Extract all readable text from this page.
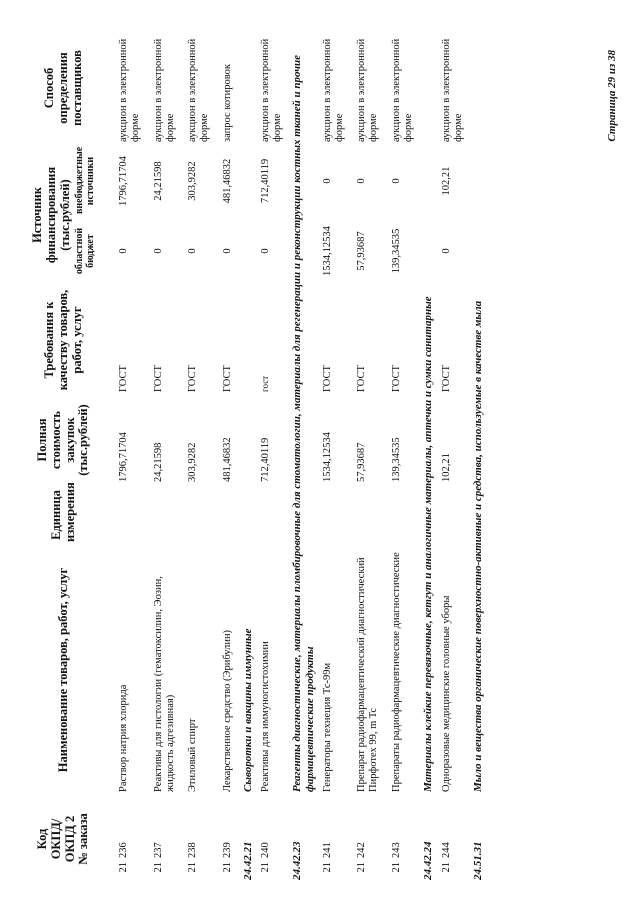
Код ОКПД/ ОКПД 2 № заказа	Наименование товаров, работ, услуг	Единица измерения	Полная стоимость закупок (тыс.рублей)	Требования к качеству товаров, работ, услуг	Источник финансирования (тыс.рублей)		Способ определения поставщиков
					областной бюджет	внебюджетные источники	

21236	Раствор натрия хлорида		1796,71704	ГОСТ	0	1796,71704	аукцион в электронной форме
21237	Реактивы для гистологии (гематоксилин, Эозин, жидкость адгезивная)		24,21598	ГОСТ	0	24,21598	аукцион в электронной форме
21238	Этиловый спирт		303,9282	ГОСТ	0	303,9282	аукцион в электронной форме
21239	Лекарственное средство (Эрибулин)		481,46832	ГОСТ	0	481,46832	запрос котировок
24.42.21	Сыворотки и вакцины иммунные						
21240	Реактивы для иммуногистохимии		712,40119	гост	0	712,40119	аукцион в электронной форме
24.42.23	Реагенты диагностические, материалы пломбировочные для стоматологии, материалы для регенерации и реконструкции костных тканей и прочие фармацевтические продукты						
21241	Генераторы технеция Тс-99м		1534,12534	ГОСТ	1534,12534	0	аукцион в электронной форме
21242	Препарат радиофармацевтический диагностический Пирфотех 99, m Tc		57,93687	ГОСТ	57,93687	0	аукцион в электронной форме
21243	Препараты радиофармацевтические диагностические		139,34535	ГОСТ	139,34535	0	аукцион в электронной форме
24.42.24	Материалы клейкие перевязочные, кетгут и аналогичные материалы, аптечки и сумки санитарные						
21244	Одноразовые медицинские головные уборы		102,21	ГОСТ	0	102,21	аукцион в электронной форме
24.51.31	Мыло и вещества органические поверхностно-активные и средства, используемые в качестве мыла						
Страница 29 из 38
